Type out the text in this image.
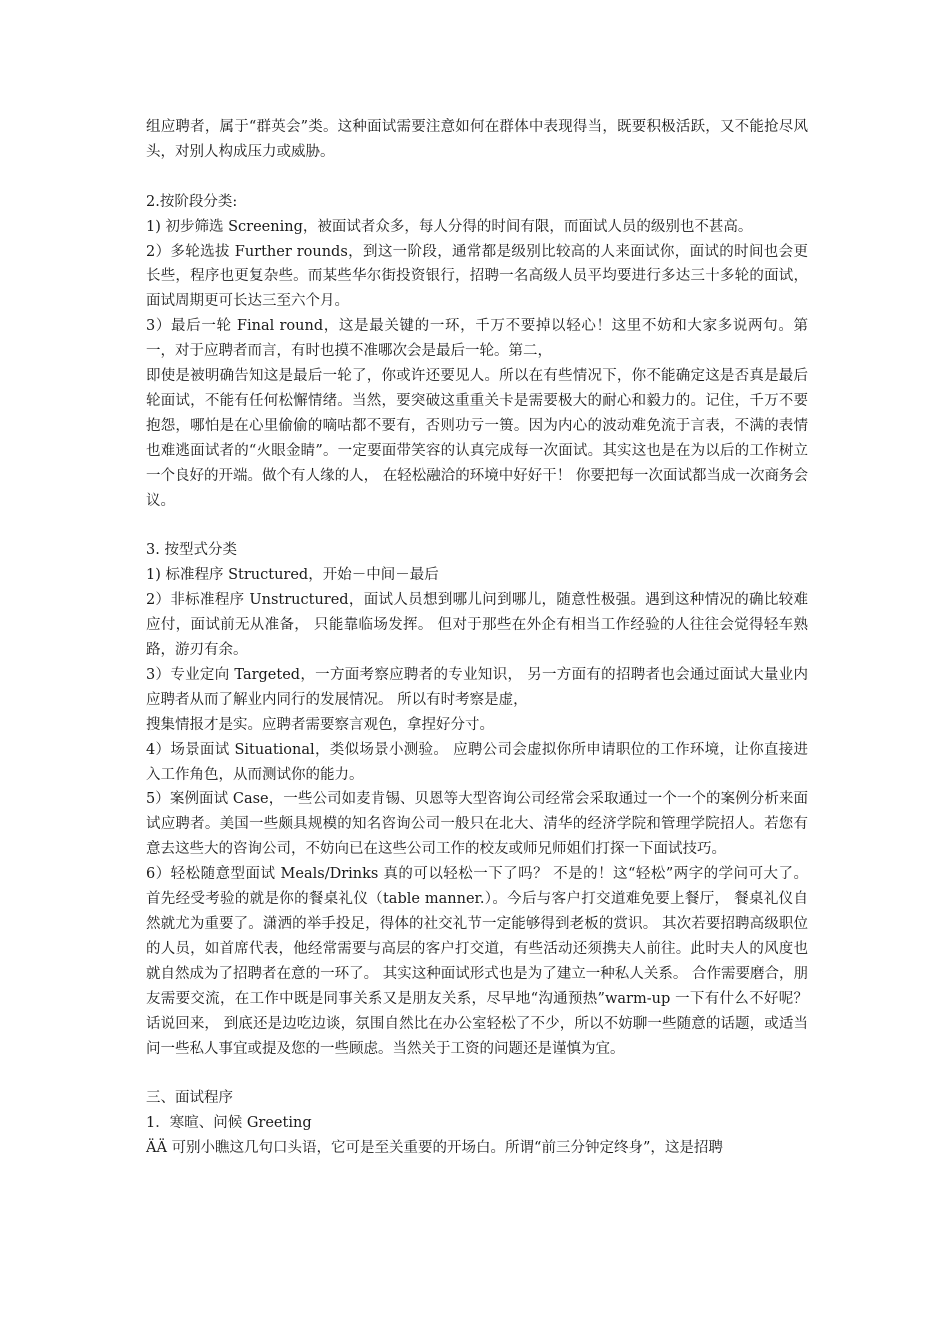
组应聘者，属于“群英会”类。这种面试需要注意如何在群体中表现得当，既要积极活跃，又不能抢尽风头，对别人构成压力或威胁。

2.按阶段分类:

1) 初步筛选 Screening，被面试者众多，每人分得的时间有限，而面试人员的级别也不甚高。

2）多轮选拔 Further rounds，到这一阶段，通常都是级别比较高的人来面试你，面试的时间也会更长些，程序也更复杂些。而某些华尔街投资银行，招聘一名高级人员平均要进行多达三十多轮的面试，面试周期更可长达三至六个月。

3）最后一轮 Final round，这是最关键的一环，千万不要掉以轻心！这里不妨和大家多说两句。第一，对于应聘者而言，有时也摸不准哪次会是最后一轮。第二，

即使是被明确告知这是最后一轮了，你或许还要见人。所以在有些情况下，你不能确定这是否真是最后轮面试，不能有任何松懈情绪。当然，要突破这重重关卡是需要极大的耐心和毅力的。记住，千万不要抱怨，哪怕是在心里偷偷的嘀咕都不要有，否则功亏一篑。因为内心的波动难免流于言表，不满的表情也难逃面试者的“火眼金睛”。一定要面带笑容的认真完成每一次面试。其实这也是在为以后的工作树立一个良好的开端。做个有人缘的人， 在轻松融洽的环境中好好干！ 你要把每一次面试都当成一次商务会议。

3. 按型式分类

1) 标准程序 Structured，开始－中间－最后

2）非标准程序 Unstructured，面试人员想到哪儿问到哪儿，随意性极强。遇到这种情况的确比较难应付，面试前无从准备， 只能靠临场发挥。 但对于那些在外企有相当工作经验的人往往会觉得轻车熟路，游刃有余。

3）专业定向 Targeted，一方面考察应聘者的专业知识， 另一方面有的招聘者也会通过面试大量业内应聘者从而了解业内同行的发展情况。 所以有时考察是虚，

搜集情报才是实。应聘者需要察言观色，拿捏好分寸。

4）场景面试 Situational，类似场景小测验。 应聘公司会虚拟你所申请职位的工作环境，让你直接进入工作角色，从而测试你的能力。

5）案例面试 Case，一些公司如麦肯锡、贝恩等大型咨询公司经常会采取通过一个一个的案例分析来面试应聘者。美国一些颇具规模的知名咨询公司一般只在北大、清华的经济学院和管理学院招人。若您有意去这些大的咨询公司，不妨向已在这些公司工作的校友或师兄师姐们打探一下面试技巧。

6）轻松随意型面试 Meals/Drinks 真的可以轻松一下了吗？ 不是的！这“轻松”两字的学问可大了。 首先经受考验的就是你的餐桌礼仪（table manner.）。今后与客户打交道难免要上餐厅， 餐桌礼仪自然就尤为重要了。潇洒的举手投足，得体的社交礼节一定能够得到老板的赏识。 其次若要招聘高级职位的人员，如首席代表，他经常需要与高层的客户打交道，有些活动还须携夫人前往。此时夫人的风度也就自然成为了招聘者在意的一环了。 其实这种面试形式也是为了建立一种私人关系。 合作需要磨合，朋友需要交流，在工作中既是同事关系又是朋友关系，尽早地“沟通预热”warm-up 一下有什么不好呢？ 话说回来， 到底还是边吃边谈，氛围自然比在办公室轻松了不少，所以不妨聊一些随意的话题，或适当问一些私人事宜或提及您的一些顾虑。当然关于工资的问题还是谨慎为宜。

三、面试程序

1．寒暄、问候 Greeting

ÄÄ 可别小瞧这几句口头语，它可是至关重要的开场白。所谓“前三分钟定终身”，这是招聘
